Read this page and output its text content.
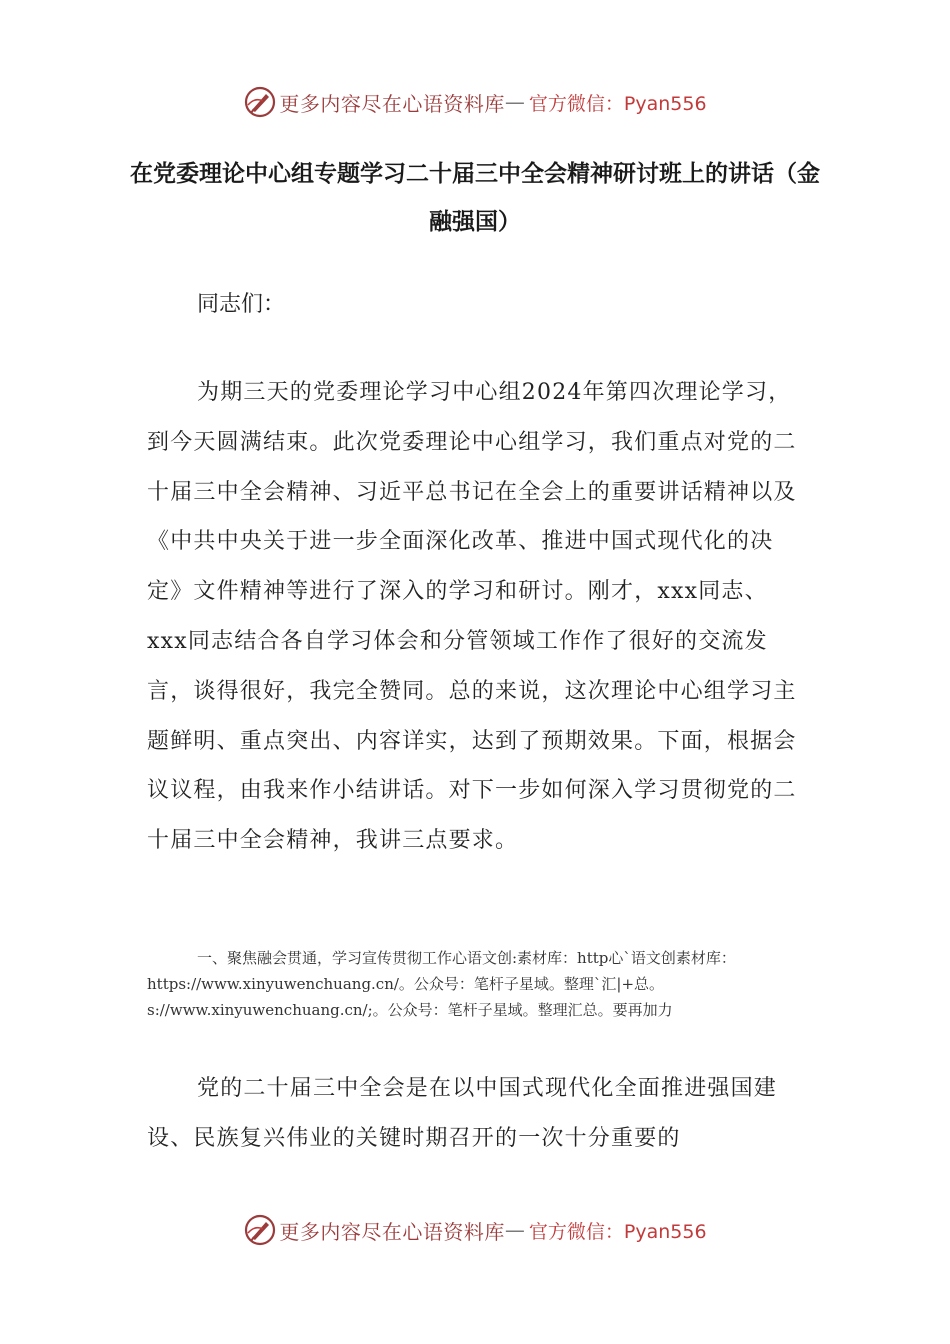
更多内容尽在心语资料库 — 官方微信：Pyan556
在党委理论中心组专题学习二十届三中全会精神研讨班上的讲话（金融强国）

同志们：

为期三天的党委理论学习中心组2024年第四次理论学习，到今天圆满结束。此次党委理论中心组学习，我们重点对党的二十届三中全会精神、习近平总书记在全会上的重要讲话精神以及《中共中央关于进一步全面深化改革、推进中国式现代化的决定》文件精神等进行了深入的学习和研讨。刚才，xxx同志、xxx同志结合各自学习体会和分管领域工作作了很好的交流发言，谈得很好，我完全赞同。总的来说，这次理论中心组学习主题鲜明、重点突出、内容详实，达到了预期效果。下面，根据会议议程，由我来作小结讲话。对下一步如何深入学习贯彻党的二十届三中全会精神，我讲三点要求。

一、聚焦融会贯通，学习宣传贯彻工作心语文创:素材库：http心`语文创素材库：https://www.xinyuwenchuang.cn/。公众号：笔杆子星域。整理`汇|+总。s://www.xinyuwenchuang.cn/;。公众号：笔杆子星域。整理汇总。要再加力

党的二十届三中全会是在以中国式现代化全面推进强国建设、民族复兴伟业的关键时期召开的一次十分重要的

更多内容尽在心语资料库 — 官方微信：Pyan556
